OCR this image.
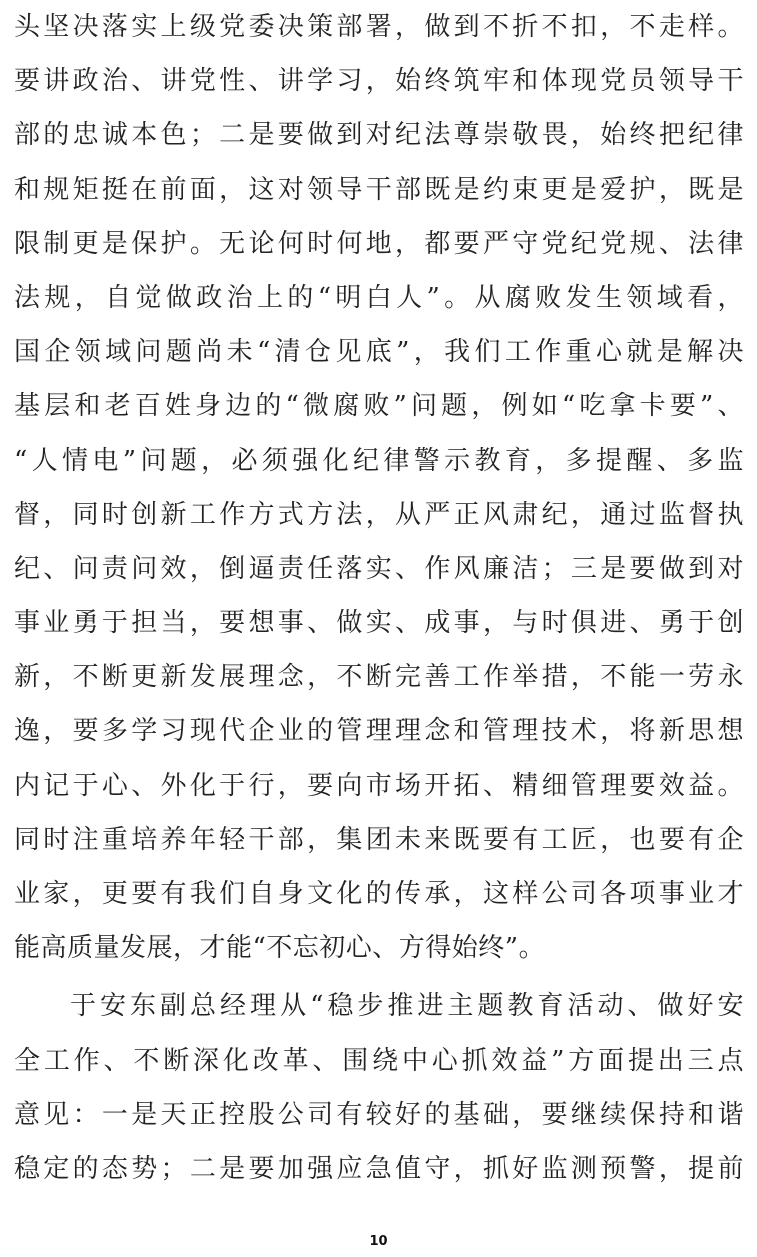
头坚决落实上级党委决策部署，做到不折不扣，不走样。
要讲政治、讲党性、讲学习，始终筑牢和体现党员领导干
部的忠诚本色；二是要做到对纪法尊崇敬畏，始终把纪律
和规矩挺在前面，这对领导干部既是约束更是爱护，既是
限制更是保护。无论何时何地，都要严守党纪党规、法律
法规，自觉做政治上的“明白人”。从腐败发生领域看，
国企领域问题尚未“清仓见底”，我们工作重心就是解决
基层和老百姓身边的“微腐败”问题，例如“吃拿卡要”、
“人情电”问题，必须强化纪律警示教育，多提醒、多监
督，同时创新工作方式方法，从严正风肃纪，通过监督执
纪、问责问效，倒逼责任落实、作风廉洁；三是要做到对
事业勇于担当，要想事、做实、成事，与时俱进、勇于创
新，不断更新发展理念，不断完善工作举措，不能一劳永
逸，要多学习现代企业的管理理念和管理技术，将新思想
内记于心、外化于行，要向市场开拓、精细管理要效益。
同时注重培养年轻干部，集团未来既要有工匠，也要有企
业家，更要有我们自身文化的传承，这样公司各项事业才
能高质量发展，才能“不忘初心、方得始终”。
于安东副总经理从“稳步推进主题教育活动、做好安
全工作、不断深化改革、围绕中心抓效益”方面提出三点
意见：一是天正控股公司有较好的基础，要继续保持和谐
稳定的态势；二是要加强应急值守，抓好监测预警，提前
10
